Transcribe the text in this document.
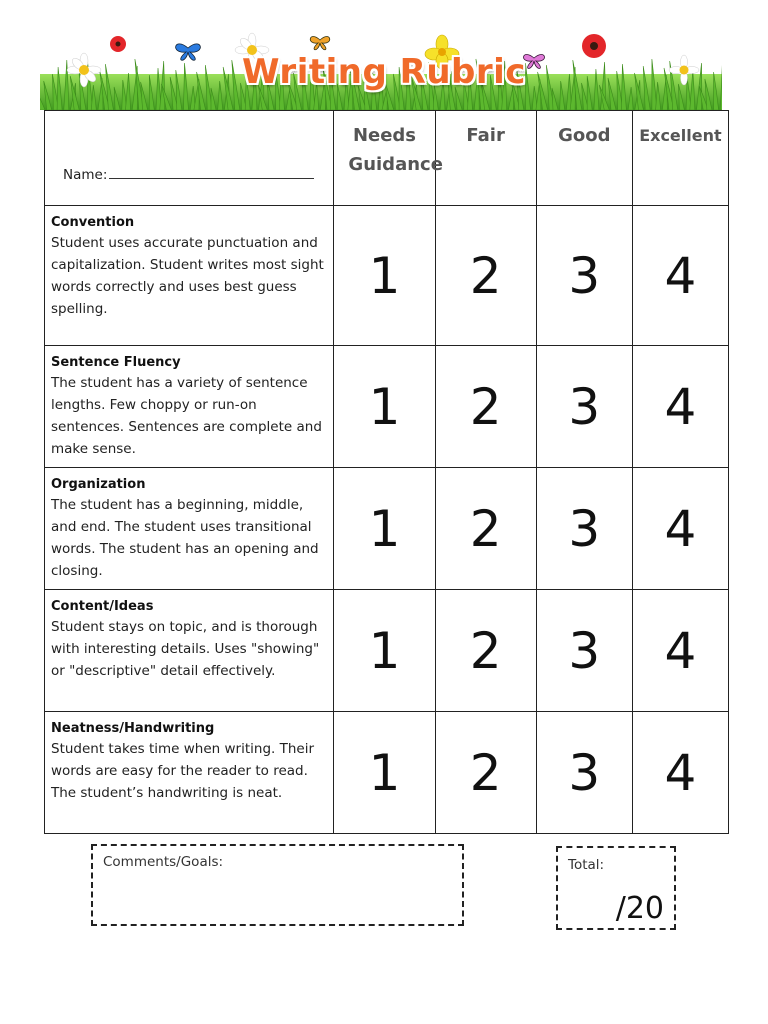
Writing Rubric
Name:	Needs Guidance	Fair	Good	Excellent

Convention
Student uses accurate punctuation and capitalization. Student writes most sight words correctly and uses best guess spelling.	1	2	3	4

Sentence Fluency
The student has a variety of sentence lengths. Few choppy or run-on sentences. Sentences are complete and make sense.	1	2	3	4

Organization
The student has a beginning, middle, and end. The student uses transitional words. The student has an opening and closing.	1	2	3	4

Content/Ideas
Student stays on topic, and is thorough with interesting details. Uses "showing" or "descriptive" detail effectively.	1	2	3	4

Neatness/Handwriting
Student takes time when writing. Their words are easy for the reader to read. The student’s handwriting is neat.	1	2	3	4
Comments/Goals:	Total:
/20
